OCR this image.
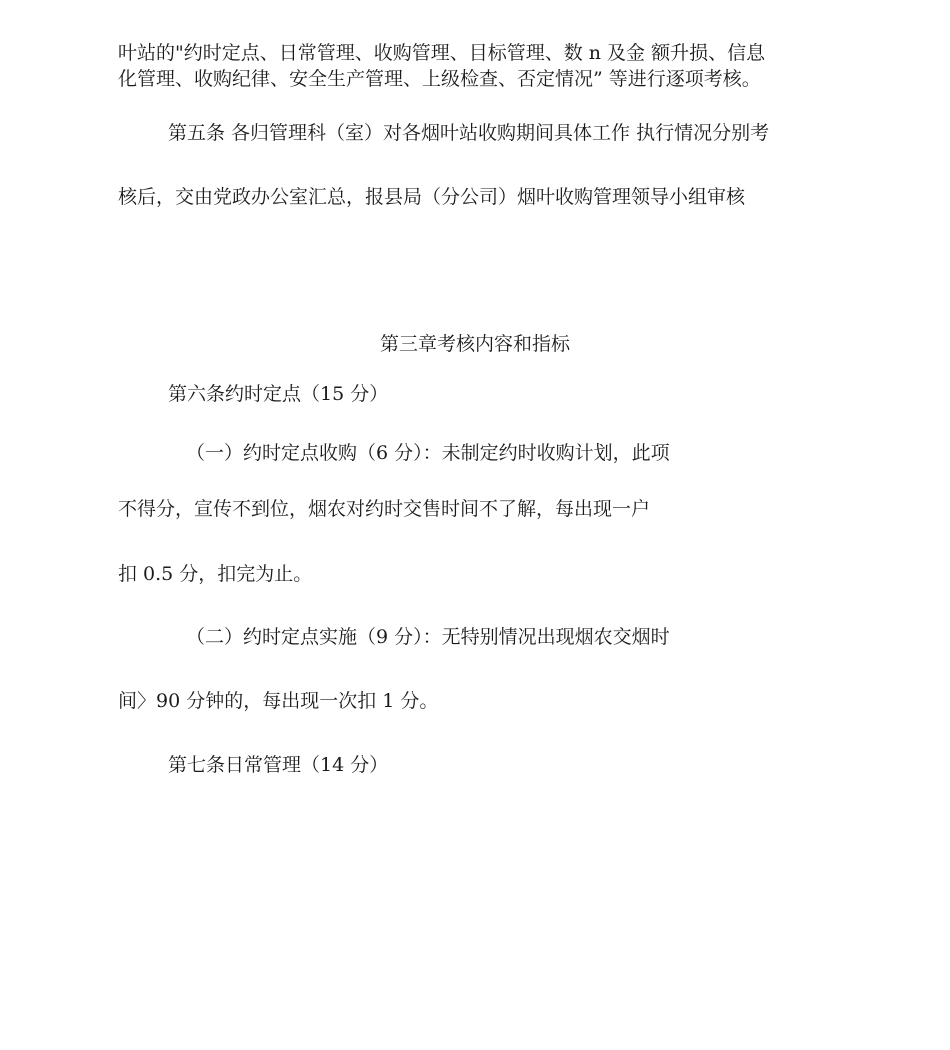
叶站的"约时定点、日常管理、收购管理、目标管理、数 n 及金 额升损、信息
化管理、收购纪律、安全生产管理、上级检查、否定情况” 等进行逐项考核。
第五条 各归管理科（室）对各烟叶站收购期间具体工作 执行情况分别考
核后，交由党政办公室汇总，报县局（分公司）烟叶收购管理领导小组审核
第三章考核内容和指标
第六条约时定点（15 分）
（一）约时定点收购（6 分）：未制定约时收购计划，此项
不得分，宣传不到位，烟农对约时交售时间不了解，每出现一户
扣 0.5 分，扣完为止。
（二）约时定点实施（9 分）：无特别情况出现烟农交烟时
间〉90 分钟的，每出现一次扣 1 分。
第七条日常管理（14 分）
